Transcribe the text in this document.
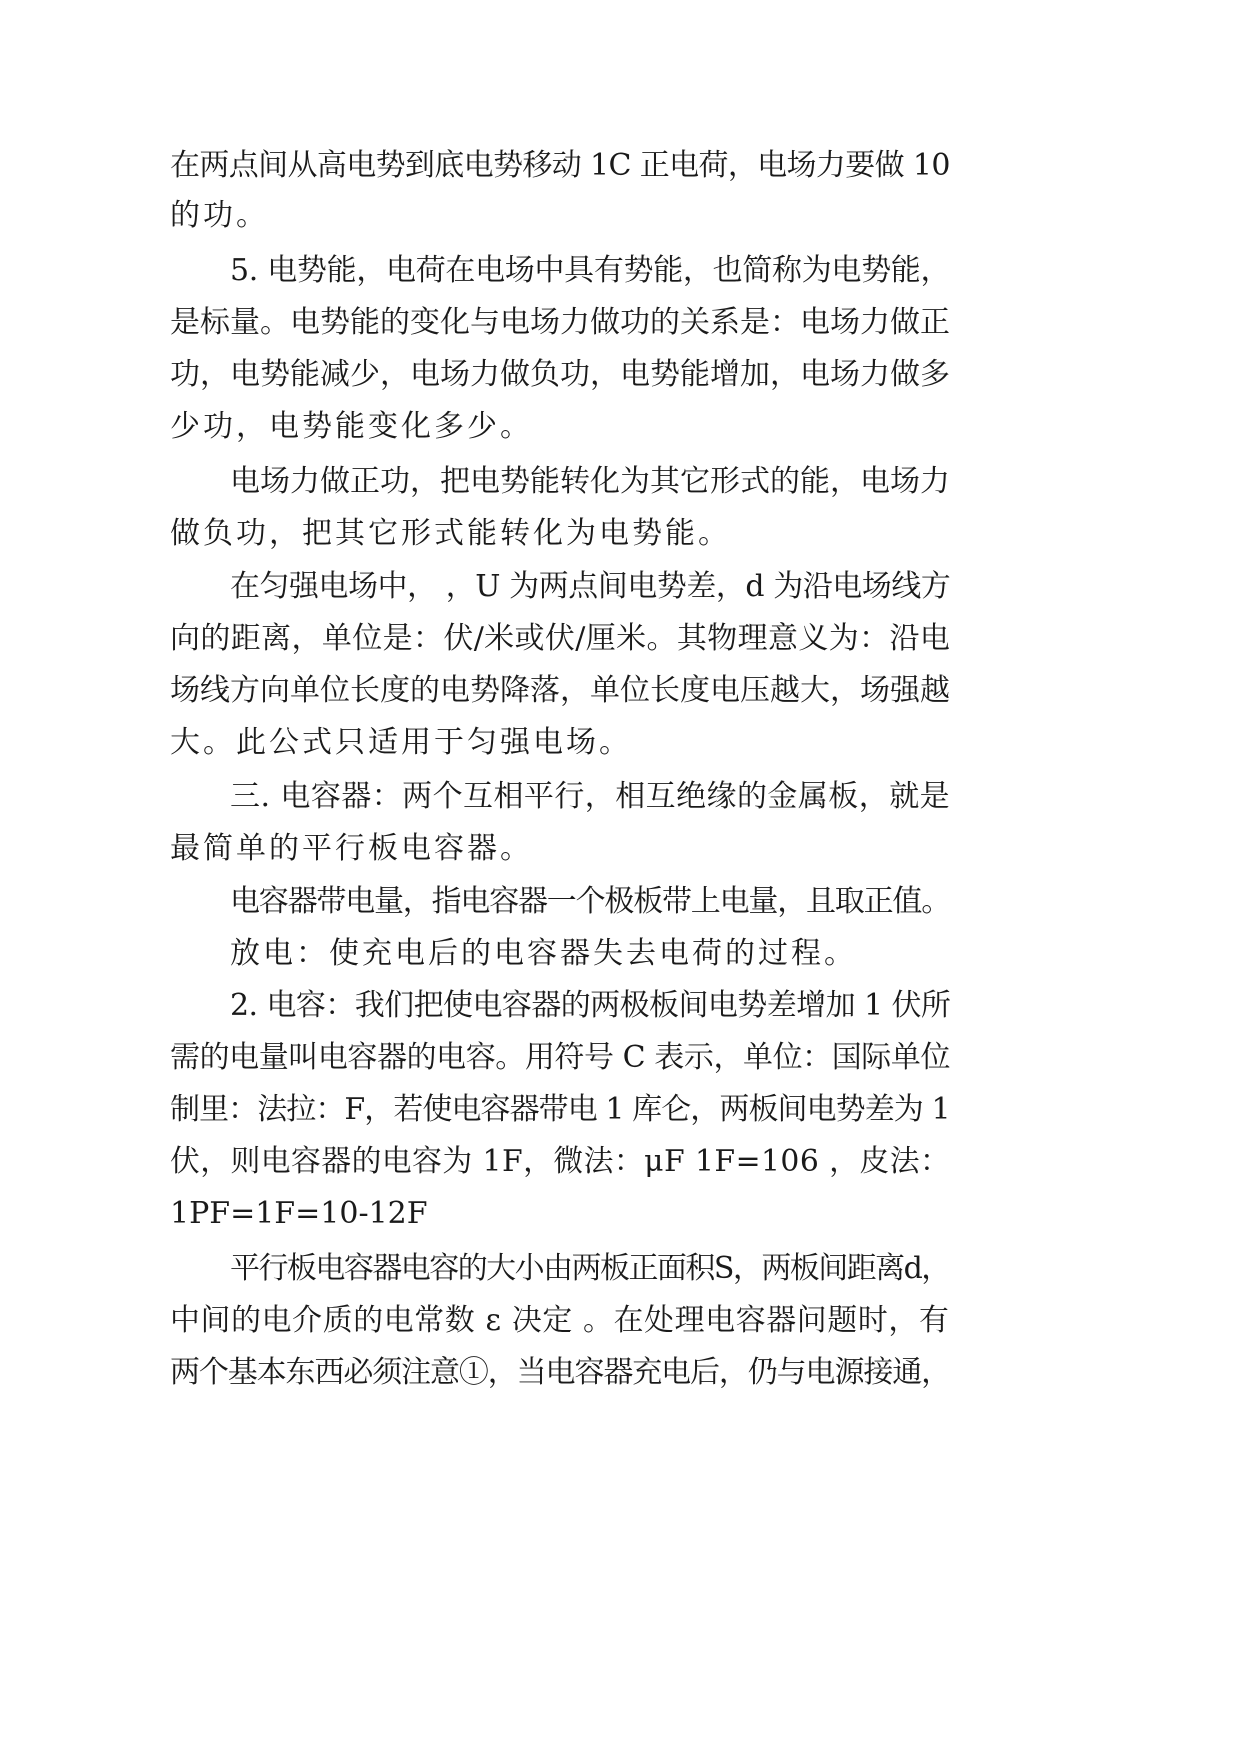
在两点间从高电势到底电势移动 1C 正电荷，电场力要做 10
的功。
5. 电势能，电荷在电场中具有势能，也简称为电势能，
是标量。电势能的变化与电场力做功的关系是：电场力做正
功，电势能减少，电场力做负功，电势能增加，电场力做多
少功，电势能变化多少。
电场力做正功，把电势能转化为其它形式的能，电场力
做负功，把其它形式能转化为电势能。
在匀强电场中， ，U 为两点间电势差，d 为沿电场线方
向的距离，单位是：伏/米或伏/厘米。其物理意义为：沿电
场线方向单位长度的电势降落，单位长度电压越大，场强越
大。此公式只适用于匀强电场。
三. 电容器：两个互相平行，相互绝缘的金属板，就是
最简单的平行板电容器。
电容器带电量，指电容器一个极板带上电量，且取正值。
放电：使充电后的电容器失去电荷的过程。
2. 电容：我们把使电容器的两极板间电势差增加 1 伏所
需的电量叫电容器的电容。用符号 C 表示，单位：国际单位
制里：法拉：F，若使电容器带电 1 库仑，两板间电势差为 1
伏，则电容器的电容为 1F，微法：μF 1F=106 ，皮法：
1PF=1F=10-12F
平行板电容器电容的大小由两板正面积S，两板间距离d，
中间的电介质的电常数 ε 决定 。在处理电容器问题时，有
两个基本东西必须注意①，当电容器充电后，仍与电源接通，
